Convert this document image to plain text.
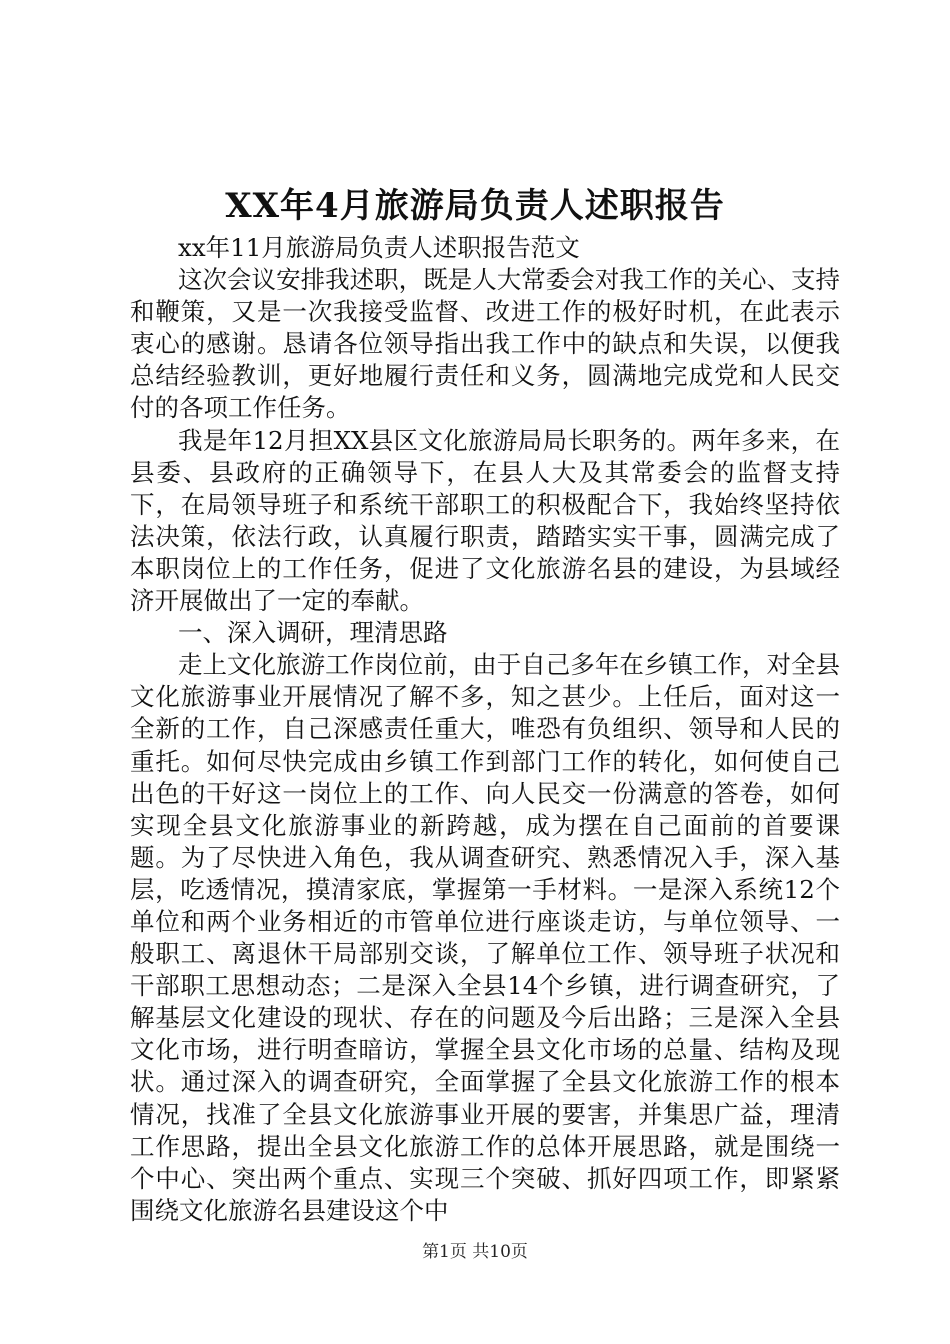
XX年4月旅游局负责人述职报告

xx年11月旅游局负责人述职报告范文

这次会议安排我述职，既是人大常委会对我工作的关心、支持和鞭策，又是一次我接受监督、改进工作的极好时机，在此表示衷心的感谢。恳请各位领导指出我工作中的缺点和失误，以便我总结经验教训，更好地履行责任和义务，圆满地完成党和人民交付的各项工作任务。

我是年12月担XX县区文化旅游局局长职务的。两年多来，在县委、县政府的正确领导下，在县人大及其常委会的监督支持下，在局领导班子和系统干部职工的积极配合下，我始终坚持依法决策，依法行政，认真履行职责，踏踏实实干事，圆满完成了本职岗位上的工作任务，促进了文化旅游名县的建设，为县域经济开展做出了一定的奉献。

一、深入调研，理清思路

走上文化旅游工作岗位前，由于自己多年在乡镇工作，对全县文化旅游事业开展情况了解不多，知之甚少。上任后，面对这一全新的工作，自己深感责任重大，唯恐有负组织、领导和人民的重托。如何尽快完成由乡镇工作到部门工作的转化，如何使自己出色的干好这一岗位上的工作、向人民交一份满意的答卷，如何实现全县文化旅游事业的新跨越，成为摆在自己面前的首要课题。为了尽快进入角色，我从调查研究、熟悉情况入手，深入基层，吃透情况，摸清家底，掌握第一手材料。一是深入系统12个单位和两个业务相近的市管单位进行座谈走访，与单位领导、一般职工、离退休干局部别交谈，了解单位工作、领导班子状况和干部职工思想动态；二是深入全县14个乡镇，进行调查研究，了解基层文化建设的现状、存在的问题及今后出路；三是深入全县文化市场，进行明查暗访，掌握全县文化市场的总量、结构及现状。通过深入的调查研究，全面掌握了全县文化旅游工作的根本情况，找准了全县文化旅游事业开展的要害，并集思广益，理清工作思路，提出全县文化旅游工作的总体开展思路，就是围绕一个中心、突出两个重点、实现三个突破、抓好四项工作，即紧紧围绕文化旅游名县建设这个中

第1页 共10页
